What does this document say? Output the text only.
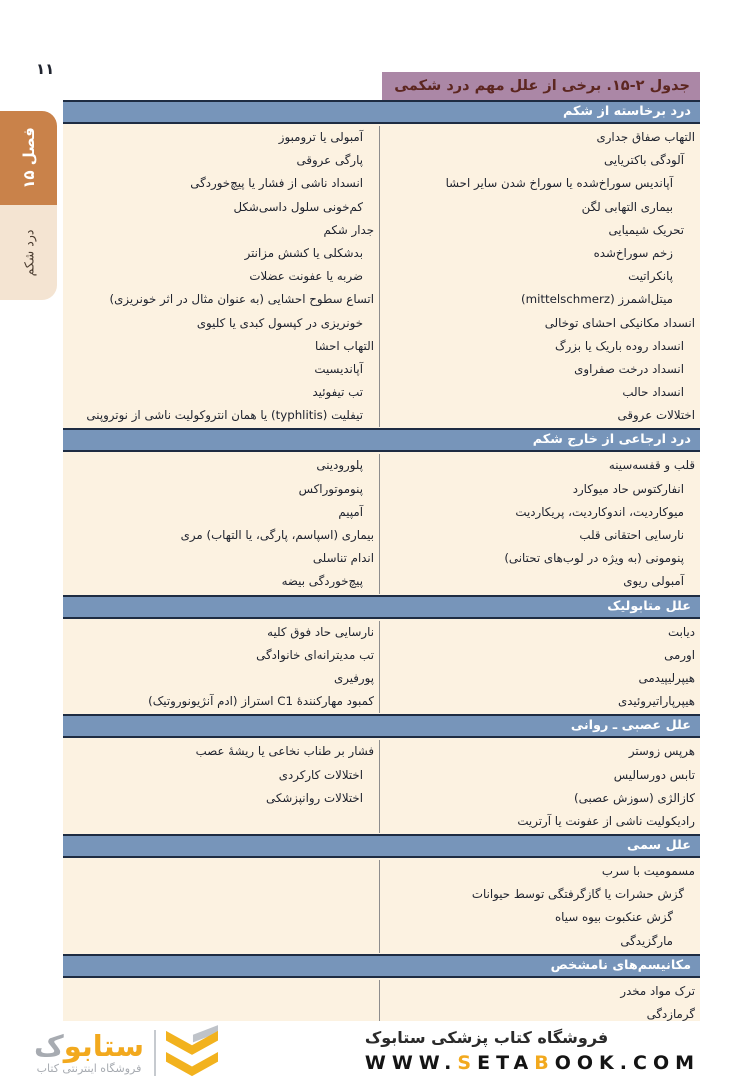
۱۱
فصل ۱۵
درد شکم
جدول ۲-۱۵. برخی از علل مهم درد شکمی
درد برخاسته از شکم
التهاب صفاق جداری
آلودگی باکتریایی
آپاندیس سوراخ‌شده یا سوراخ شدن سایر احشا
بیماری التهابی لگن
تحریک شیمیایی
زخم سوراخ‌شده
پانکراتیت
میتل‌اشمرز (mittelschmerz)
انسداد مکانیکی احشای توخالی
انسداد روده باریک یا بزرگ
انسداد درخت صفراوی
انسداد حالب
اختلالات عروقی
آمبولی یا ترومبوز
پارگی عروقی
انسداد ناشی از فشار یا پیچ‌خوردگی
کم‌خونی سلول داسی‌شکل
جدار شکم
بدشکلی یا کشش مزانتر
ضربه یا عفونت عضلات
اتساع سطوح احشایی (به عنوان مثال در اثر خونریزی)
خونریزی در کپسول کبدی یا کلیوی
التهاب احشا
آپاندیسیت
تب تیفوئید
تیفلیت (typhlitis) یا همان انتروکولیت ناشی از نوتروپنی
درد ارجاعی از خارج شکم
قلب و قفسه‌سینه
انفارکتوس حاد میوکارد
میوکاردیت، اندوکاردیت، پریکاردیت
نارسایی احتقانی قلب
پنومونی (به ویژه در لوب‌های تحتانی)
آمبولی ریوی
پلورودینی
پنوموتوراکس
آمپیم
بیماری (اسپاسم، پارگی، یا التهاب) مری
اندام تناسلی
پیچ‌خوردگی بیضه
علل متابولیک
دیابت
اورمی
هیپرلیپیدمی
هیپرپاراتیروئیدی
نارسایی حاد فوق کلیه
تب مدیترانه‌ای خانوادگی
پورفیری
کمبود مهارکنندۀ C1 استراز (ادم آنژیونوروتیک)
علل عصبی ـ روانی
هرپس زوستر
تابس دورسالیس
کازالژی (سوزش عصبی)
رادیکولیت ناشی از عفونت یا آرتریت
فشار بر طناب نخاعی یا ریشۀ عصب
اختلالات کارکردی
اختلالات روانپزشکی
علل سمی
مسمومیت با سرب
گزش حشرات یا گازگرفتگی توسط حیوانات
گزش عنکبوت بیوه سیاه
مارگزیدگی
مکانیسم‌های نامشخص
ترک مواد مخدر
گرمازدگی
فروشگاه کتاب پزشکی ستابوک
WWW.SETABOOK.COM
ستابوک
فروشگاه اینترنتی کتاب
